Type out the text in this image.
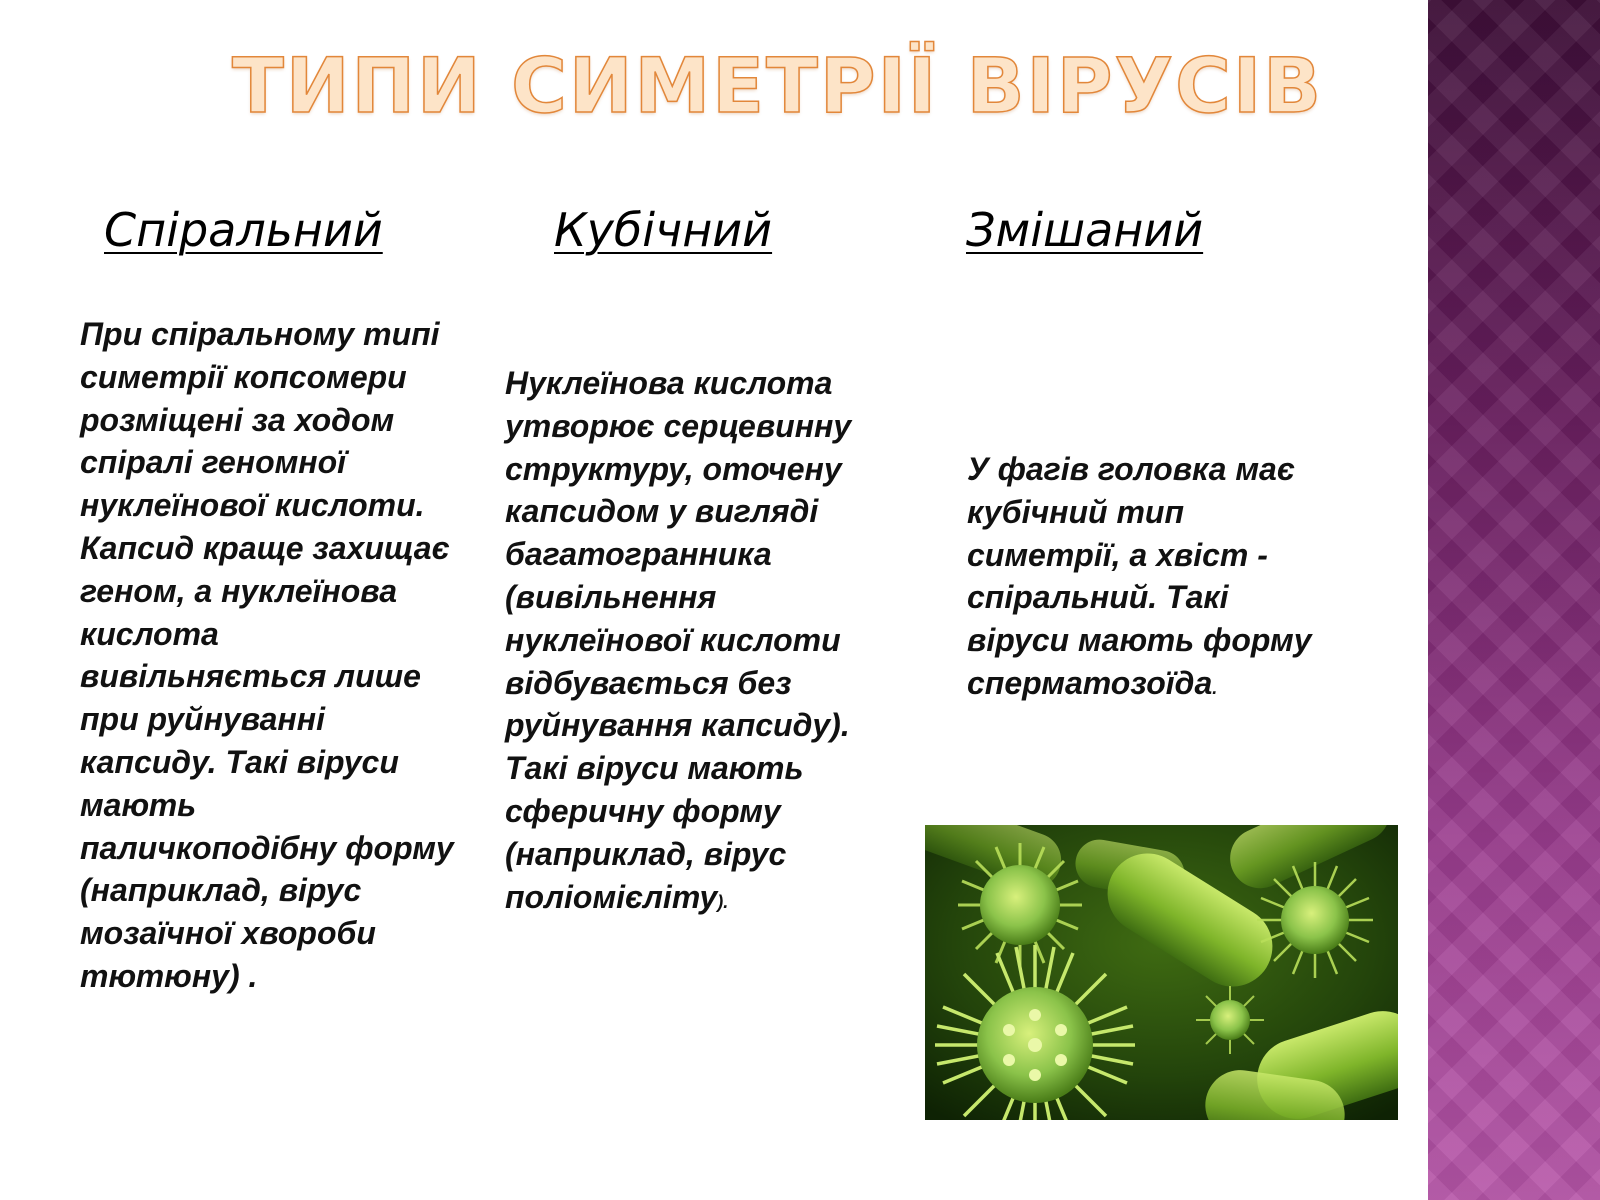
ТИПИ СИМЕТРІЇ ВІРУСІВ
Спіральний	Кубічний	Змішаний

При спіральному типі симетрії копсомери розміщені за ходом спіралі геномної нуклеїнової кислоти. Капсид краще захищає геном, а нуклеїнова кислота вивільняється лише при руйнуванні капсиду. Такі віруси мають паличкоподібну форму (наприклад, вірус мозаїчної хвороби тютюну) .

Нуклеїнова кислота утворює серцевинну структуру, оточену капсидом у вигляді багатогранника (вивільнення нуклеїнової кислоти відбувається без руйнування капсиду). Такі віруси мають сферичну форму (наприклад, вірус поліомієліту).

У фагів головка має кубічний тип симетрії, а хвіст - спіральний. Такі віруси мають форму сперматозоїда.
